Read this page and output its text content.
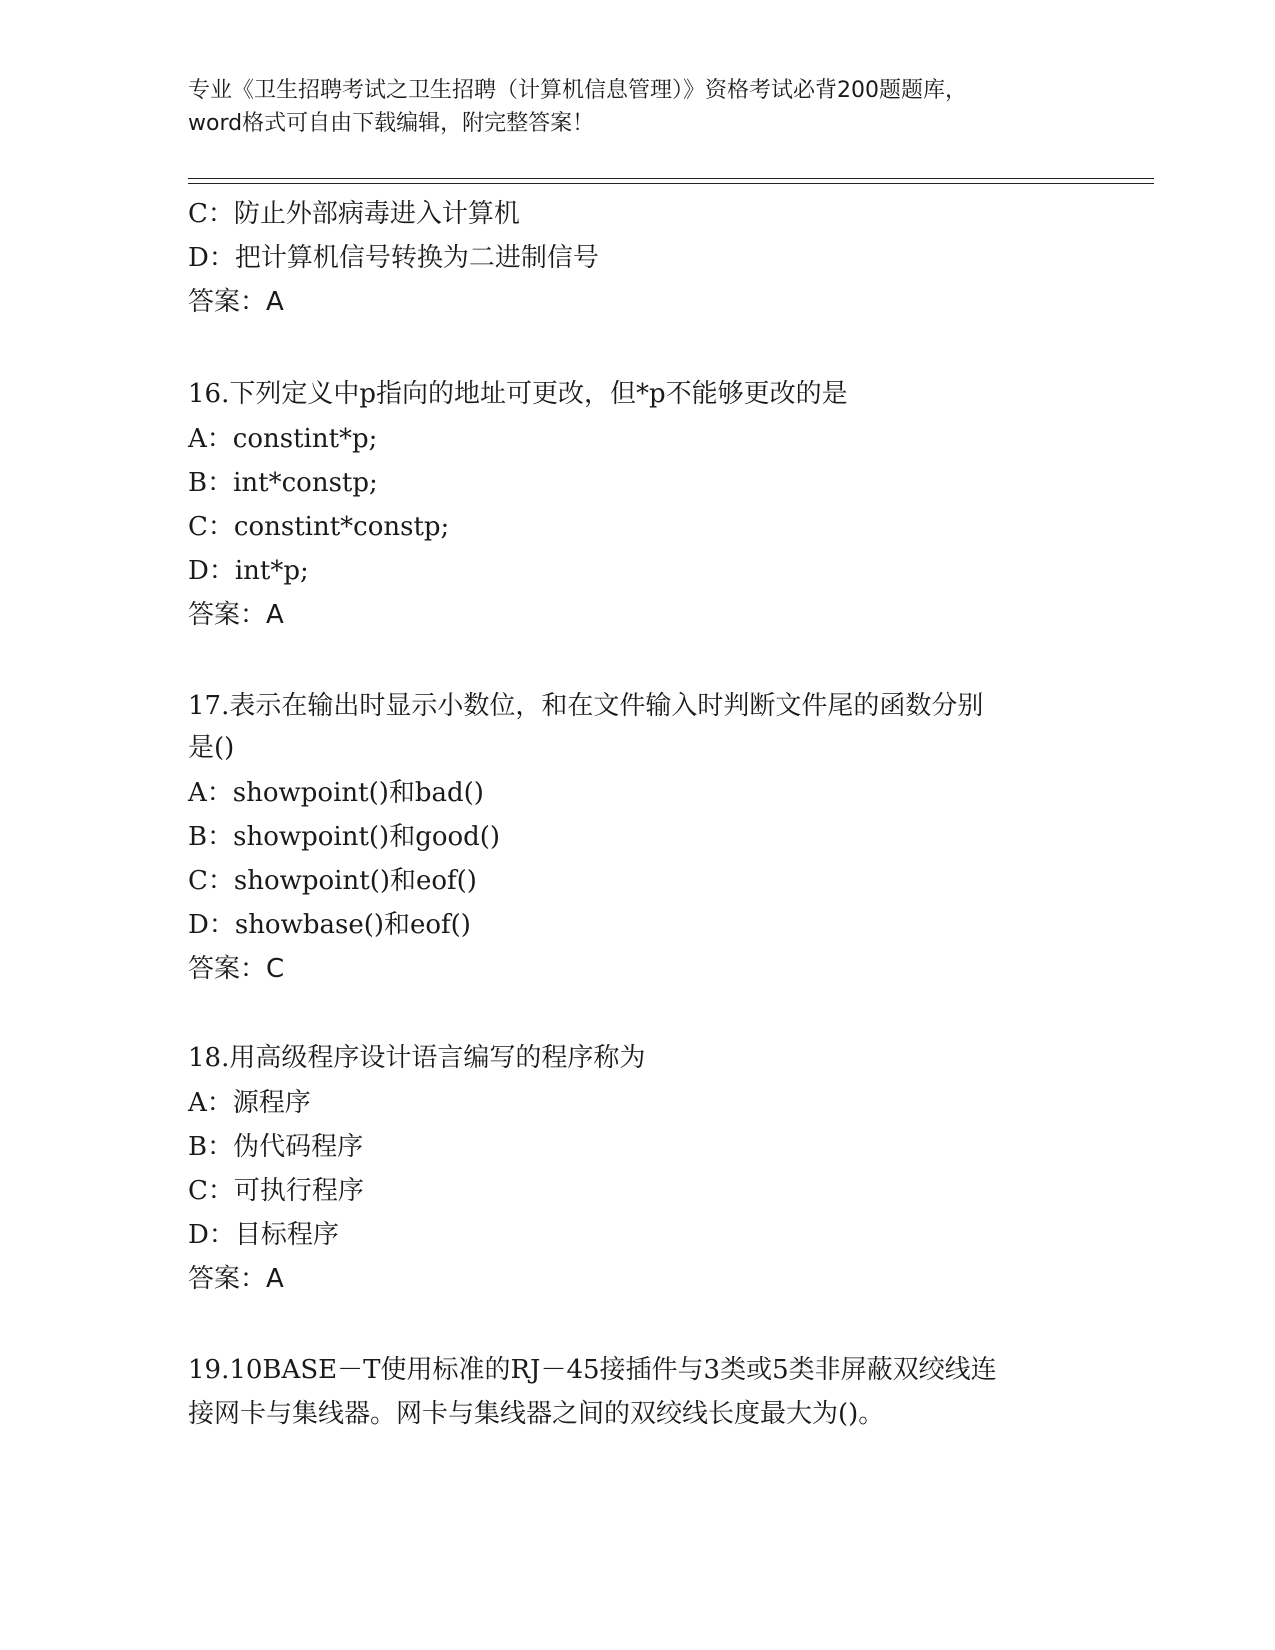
专业《卫生招聘考试之卫生招聘（计算机信息管理）》资格考试必背200题题库，
word格式可自由下载编辑，附完整答案！
C：防止外部病毒进入计算机
D：把计算机信号转换为二进制信号
答案：A
16.下列定义中p指向的地址可更改，但*p不能够更改的是
A：constint*p;
B：int*constp;
C：constint*constp;
D：int*p;
答案：A
17.表示在输出时显示小数位，和在文件输入时判断文件尾的函数分别
是()
A：showpoint()和bad()
B：showpoint()和good()
C：showpoint()和eof()
D：showbase()和eof()
答案：C
18.用高级程序设计语言编写的程序称为
A：源程序
B：伪代码程序
C：可执行程序
D：目标程序
答案：A
19.10BASE－T使用标准的RJ－45接插件与3类或5类非屏蔽双绞线连
接网卡与集线器。网卡与集线器之间的双绞线长度最大为()。
